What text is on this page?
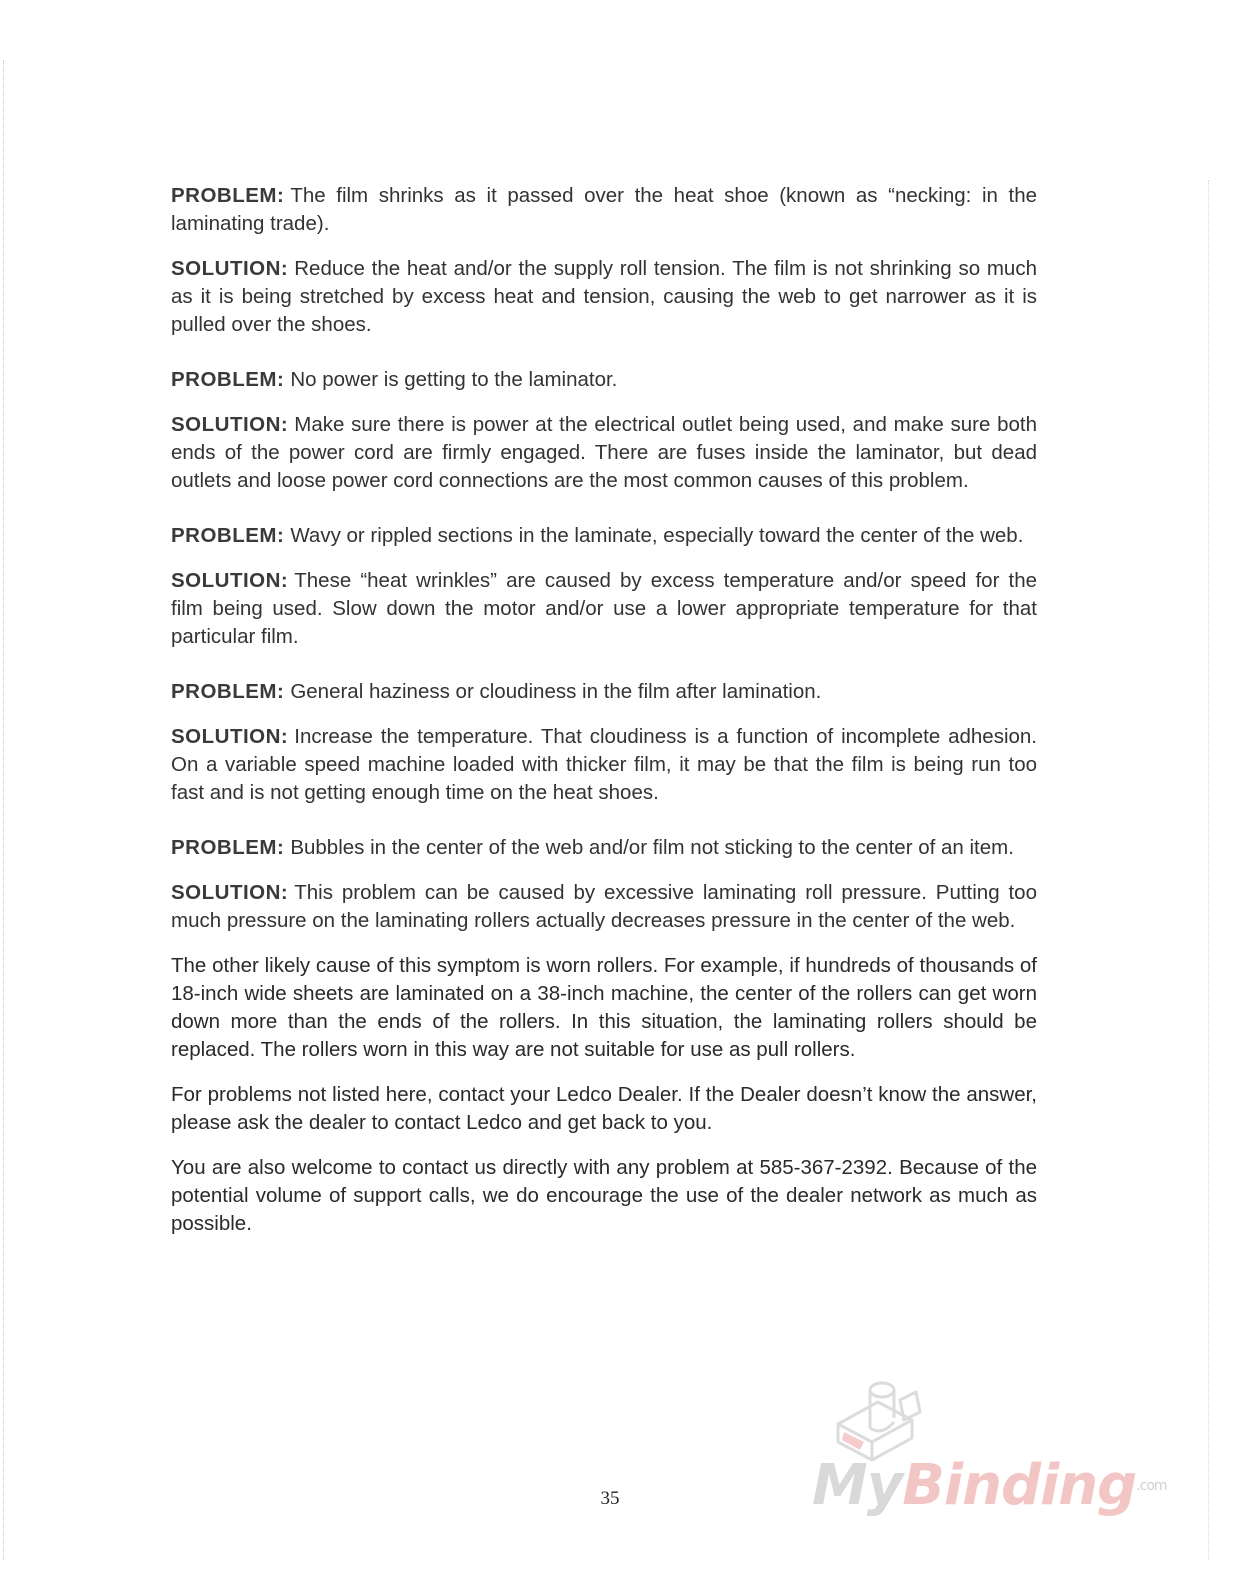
PROBLEM: The film shrinks as it passed over the heat shoe (known as “necking: in the laminating trade).

SOLUTION: Reduce the heat and/or the supply roll tension. The film is not shrinking so much as it is being stretched by excess heat and tension, causing the web to get narrower as it is pulled over the shoes.

PROBLEM: No power is getting to the laminator.

SOLUTION: Make sure there is power at the electrical outlet being used, and make sure both ends of the power cord are firmly engaged. There are fuses inside the laminator, but dead outlets and loose power cord connections are the most common causes of this problem.

PROBLEM: Wavy or rippled sections in the laminate, especially toward the center of the web.

SOLUTION: These “heat wrinkles” are caused by excess temperature and/or speed for the film being used. Slow down the motor and/or use a lower appropriate temperature for that particular film.

PROBLEM: General haziness or cloudiness in the film after lamination.

SOLUTION: Increase the temperature. That cloudiness is a function of incomplete adhesion. On a variable speed machine loaded with thicker film, it may be that the film is being run too fast and is not getting enough time on the heat shoes.

PROBLEM: Bubbles in the center of the web and/or film not sticking to the center of an item.

SOLUTION: This problem can be caused by excessive laminating roll pressure. Putting too much pressure on the laminating rollers actually decreases pressure in the center of the web.

The other likely cause of this symptom is worn rollers. For example, if hundreds of thousands of 18-inch wide sheets are laminated on a 38-inch machine, the center of the rollers can get worn down more than the ends of the rollers. In this situation, the laminating rollers should be replaced. The rollers worn in this way are not suitable for use as pull rollers.

For problems not listed here, contact your Ledco Dealer. If the Dealer doesn’t know the answer, please ask the dealer to contact Ledco and get back to you.

You are also welcome to contact us directly with any problem at 585-367-2392. Because of the potential volume of support calls, we do encourage the use of the dealer network as much as possible.

35	MyBinding$^{.com}$
